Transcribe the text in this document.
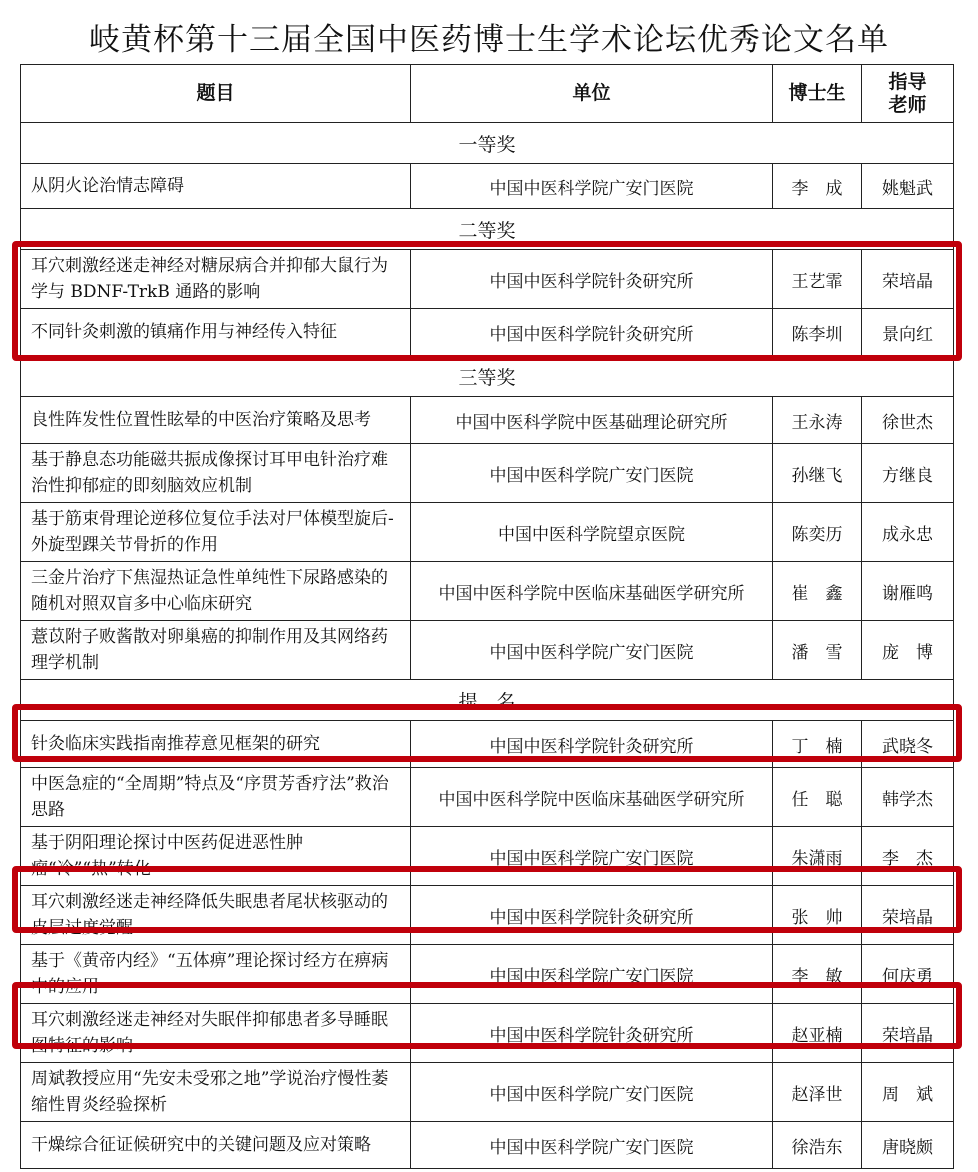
岐黄杯第十三届全国中医药博士生学术论坛优秀论文名单
题目	单位	博士生	指导老师
一等奖			
从阴火论治情志障碍	中国中医科学院广安门医院	李　成	姚魁武
二等奖			
耳穴刺激经迷走神经对糖尿病合并抑郁大鼠行为学与 BDNF-TrkB 通路的影响	中国中医科学院针灸研究所	王艺霏	荣培晶
不同针灸刺激的镇痛作用与神经传入特征	中国中医科学院针灸研究所	陈李圳	景向红
三等奖			
良性阵发性位置性眩晕的中医治疗策略及思考	中国中医科学院中医基础理论研究所	王永涛	徐世杰
基于静息态功能磁共振成像探讨耳甲电针治疗难治性抑郁症的即刻脑效应机制	中国中医科学院广安门医院	孙继飞	方继良
基于筋束骨理论逆移位复位手法对尸体模型旋后-外旋型踝关节骨折的作用	中国中医科学院望京医院	陈奕历	成永忠
三金片治疗下焦湿热证急性单纯性下尿路感染的随机对照双盲多中心临床研究	中国中医科学院中医临床基础医学研究所	崔　鑫	谢雁鸣
薏苡附子败酱散对卵巢癌的抑制作用及其网络药理学机制	中国中医科学院广安门医院	潘　雪	庞　博
提　名			
针灸临床实践指南推荐意见框架的研究	中国中医科学院针灸研究所	丁　楠	武晓冬
中医急症的“全周期”特点及“序贯芳香疗法”救治思路	中国中医科学院中医临床基础医学研究所	任　聪	韩学杰
基于阴阳理论探讨中医药促进恶性肿瘤“冷”“热”转化	中国中医科学院广安门医院	朱潇雨	李　杰
耳穴刺激经迷走神经降低失眠患者尾状核驱动的皮层过度觉醒	中国中医科学院针灸研究所	张　帅	荣培晶
基于《黄帝内经》“五体痹”理论探讨经方在痹病中的应用	中国中医科学院广安门医院	李　敏	何庆勇
耳穴刺激经迷走神经对失眠伴抑郁患者多导睡眠图特征的影响	中国中医科学院针灸研究所	赵亚楠	荣培晶
周斌教授应用“先安未受邪之地”学说治疗慢性萎缩性胃炎经验探析	中国中医科学院广安门医院	赵泽世	周　斌
干燥综合征证候研究中的关键问题及应对策略	中国中医科学院广安门医院	徐浩东	唐晓颇
